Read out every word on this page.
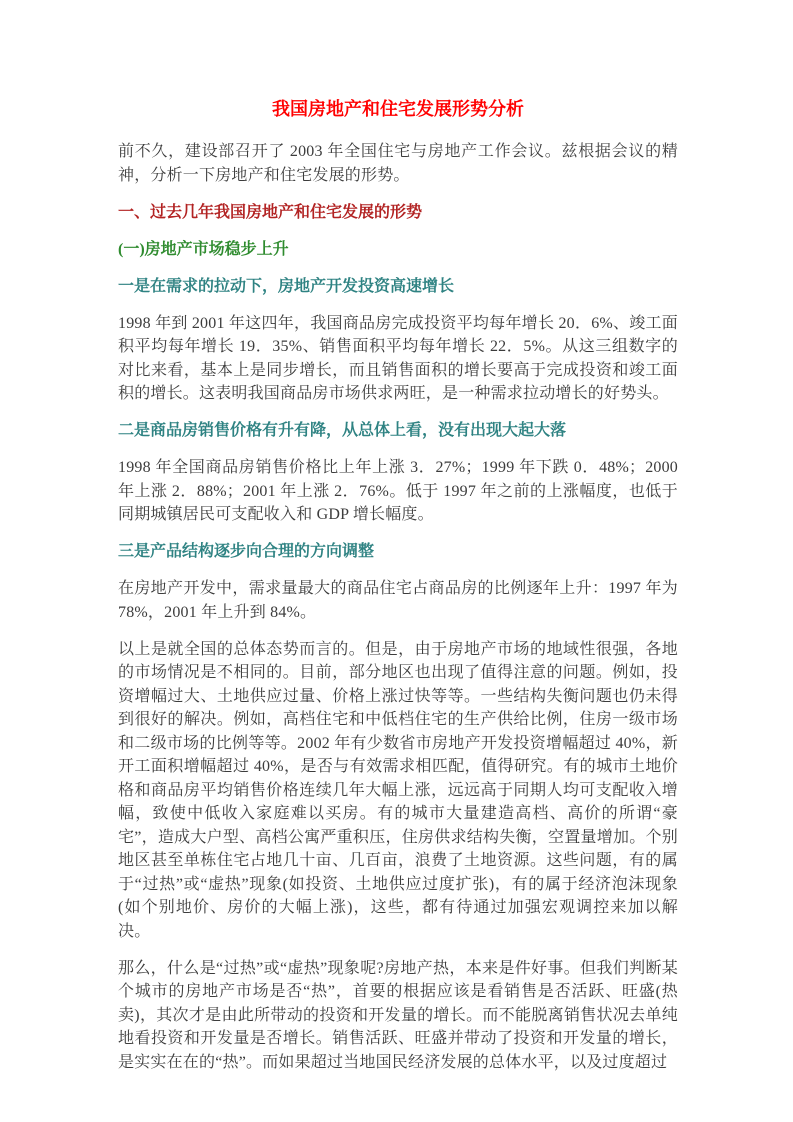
我国房地产和住宅发展形势分析

前不久，建设部召开了 2003 年全国住宅与房地产工作会议。兹根据会议的精神，分析一下房地产和住宅发展的形势。

一、过去几年我国房地产和住宅发展的形势
(一)房地产市场稳步上升
一是在需求的拉动下，房地产开发投资高速增长

1998 年到 2001 年这四年，我国商品房完成投资平均每年增长 20．6%、竣工面积平均每年增长 19．35%、销售面积平均每年增长 22．5%。从这三组数字的对比来看，基本上是同步增长，而且销售面积的增长要高于完成投资和竣工面积的增长。这表明我国商品房市场供求两旺，是一种需求拉动增长的好势头。

二是商品房销售价格有升有降，从总体上看，没有出现大起大落

1998 年全国商品房销售价格比上年上涨 3．27%；1999 年下跌 0．48%；2000 年上涨 2．88%；2001 年上涨 2．76%。低于 1997 年之前的上涨幅度，也低于同期城镇居民可支配收入和 GDP 增长幅度。

三是产品结构逐步向合理的方向调整

在房地产开发中，需求量最大的商品住宅占商品房的比例逐年上升：1997 年为 78%，2001 年上升到 84%。

以上是就全国的总体态势而言的。但是，由于房地产市场的地域性很强，各地的市场情况是不相同的。目前，部分地区也出现了值得注意的问题。例如，投资增幅过大、土地供应过量、价格上涨过快等等。一些结构失衡问题也仍未得到很好的解决。例如，高档住宅和中低档住宅的生产供给比例，住房一级市场和二级市场的比例等等。2002 年有少数省市房地产开发投资增幅超过 40%，新开工面积增幅超过 40%，是否与有效需求相匹配，值得研究。有的城市土地价格和商品房平均销售价格连续几年大幅上涨，远远高于同期人均可支配收入增幅，致使中低收入家庭难以买房。有的城市大量建造高档、高价的所谓“豪宅”，造成大户型、高档公寓严重积压，住房供求结构失衡，空置量增加。个别地区甚至单栋住宅占地几十亩、几百亩，浪费了土地资源。这些问题，有的属于“过热”或“虚热”现象(如投资、土地供应过度扩张)，有的属于经济泡沫现象(如个别地价、房价的大幅上涨)，这些，都有待通过加强宏观调控来加以解决。

那么，什么是“过热”或“虚热”现象呢?房地产热，本来是件好事。但我们判断某个城市的房地产市场是否“热”，首要的根据应该是看销售是否活跃、旺盛(热卖)，其次才是由此所带动的投资和开发量的增长。而不能脱离销售状况去单纯地看投资和开发量是否增长。销售活跃、旺盛并带动了投资和开发量的增长，是实实在在的“热”。而如果超过当地国民经济发展的总体水平，以及过度超过
